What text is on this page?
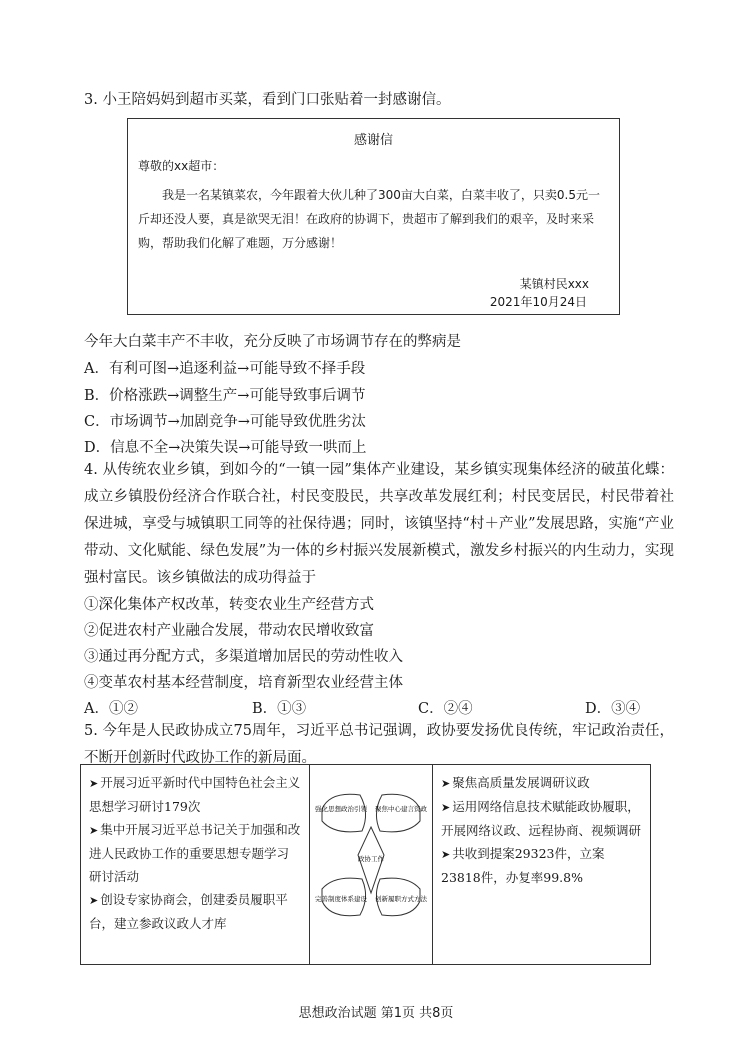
3. 小王陪妈妈到超市买菜，看到门口张贴着一封感谢信。
感谢信
尊敬的xx超市：
我是一名某镇菜农，今年跟着大伙儿种了300亩大白菜，白菜丰收了，只卖0.5元一斤却还没人要，真是欲哭无泪！在政府的协调下，贵超市了解到我们的艰辛，及时来采购，帮助我们化解了难题，万分感谢！
某镇村民xxx
2021年10月24日
今年大白菜丰产不丰收，充分反映了市场调节存在的弊病是
A．有利可图→追逐利益→可能导致不择手段
B．价格涨跌→调整生产→可能导致事后调节
C．市场调节→加剧竞争→可能导致优胜劣汰
D．信息不全→决策失误→可能导致一哄而上
4. 从传统农业乡镇，到如今的“一镇一园”集体产业建设，某乡镇实现集体经济的破茧化蝶：成立乡镇股份经济合作联合社，村民变股民，共享改革发展红利；村民变居民，村民带着社保进城，享受与城镇职工同等的社保待遇；同时，该镇坚持“村＋产业”发展思路，实施“产业带动、文化赋能、绿色发展”为一体的乡村振兴发展新模式，激发乡村振兴的内生动力，实现强村富民。该乡镇做法的成功得益于
①深化集体产权改革，转变农业生产经营方式
②促进农村产业融合发展，带动农民增收致富
③通过再分配方式，多渠道增加居民的劳动性收入
④变革农村基本经营制度，培育新型农业经营主体
A．①②	B．①③	C．②④	D．③④
5. 今年是人民政协成立75周年，习近平总书记强调，政协要发扬优良传统，牢记政治责任，不断开创新时代政协工作的新局面。
➤ 开展习近平新时代中国特色社会主义思想学习研讨179次
➤ 集中开展习近平总书记关于加强和改进人民政协工作的重要思想专题学习研讨活动
➤ 创设专家协商会，创建委员履职平台，建立参政议政人才库

强化思想政治引领 聚焦中心建言资政
完善制度体系建设 创新履职方式方法
政协工作

➤ 聚焦高质量发展调研议政
➤ 运用网络信息技术赋能政协履职，开展网络议政、远程协商、视频调研
➤ 共收到提案29323件，立案23818件，办复率99.8%
思想政治试题 第1页 共8页
